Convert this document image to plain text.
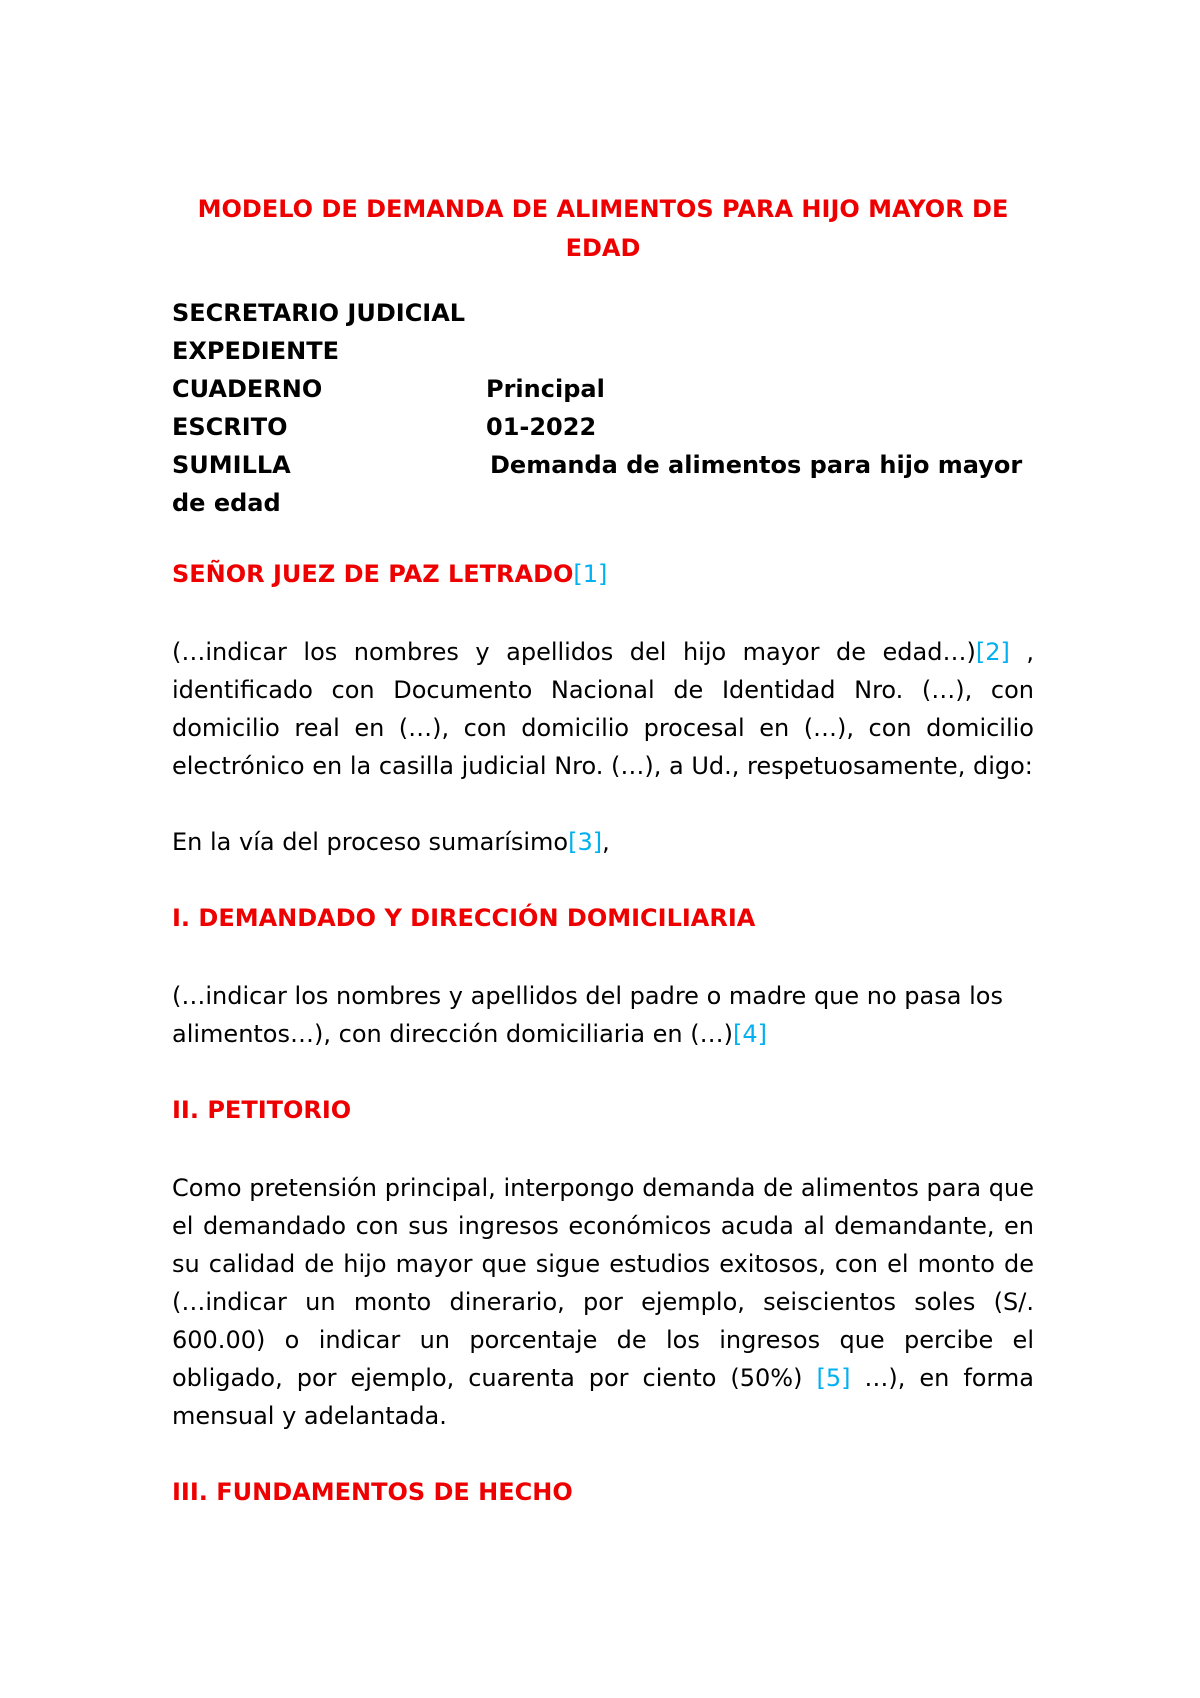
MODELO DE DEMANDA DE ALIMENTOS PARA HIJO MAYOR DE EDAD
SECRETARIO JUDICIAL
EXPEDIENTE
CUADERNO	Principal
ESCRITO	01-2022
SUMILLA	Demanda de alimentos para hijo mayor de edad
SEÑOR JUEZ DE PAZ LETRADO[1]

(…indicar los nombres y apellidos del hijo mayor de edad…)[2] , identificado con Documento Nacional de Identidad Nro. (…), con domicilio real en (…), con domicilio procesal en (…), con domicilio electrónico en la casilla judicial Nro. (…), a Ud., respetuosamente, digo:

En la vía del proceso sumarísimo[3],

I. DEMANDADO Y DIRECCIÓN DOMICILIARIA

(…indicar los nombres y apellidos del padre o madre que no pasa los alimentos…), con dirección domiciliaria en (…)[4]

II. PETITORIO

Como pretensión principal, interpongo demanda de alimentos para que el demandado con sus ingresos económicos acuda al demandante, en su calidad de hijo mayor que sigue estudios exitosos, con el monto de (…indicar un monto dinerario, por ejemplo, seiscientos soles (S/. 600.00) o indicar un porcentaje de los ingresos que percibe el obligado, por ejemplo, cuarenta por ciento (50%) [5] …), en forma mensual y adelantada.

III. FUNDAMENTOS DE HECHO
